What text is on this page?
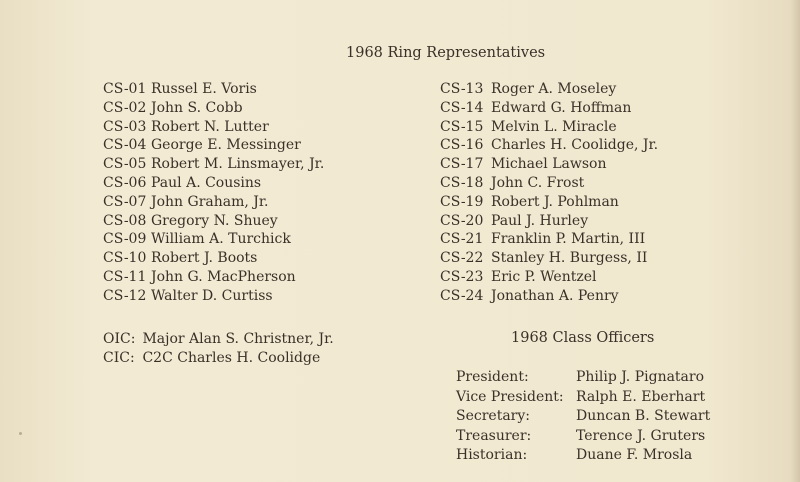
1968 Ring Representatives
CS-01 Russel E. Voris
CS-02 John S. Cobb
CS-03 Robert N. Lutter
CS-04 George E. Messinger
CS-05 Robert M. Linsmayer, Jr.
CS-06 Paul A. Cousins
CS-07 John Graham, Jr.
CS-08 Gregory N. Shuey
CS-09 William A. Turchick
CS-10 Robert J. Boots
CS-11 John G. MacPherson
CS-12 Walter D. Curtiss
CS-13 Roger A. Moseley
CS-14 Edward G. Hoffman
CS-15 Melvin L. Miracle
CS-16 Charles H. Coolidge, Jr.
CS-17 Michael Lawson
CS-18 John C. Frost
CS-19 Robert J. Pohlman
CS-20 Paul J. Hurley
CS-21 Franklin P. Martin, III
CS-22 Stanley H. Burgess, II
CS-23 Eric P. Wentzel
CS-24 Jonathan A. Penry
OIC: Major Alan S. Christner, Jr.
CIC: C2C Charles H. Coolidge
1968 Class Officers
President:	Philip J. Pignataro
Vice President: Ralph E. Eberhart
Secretary:	Duncan B. Stewart
Treasurer:	Terence J. Gruters
Historian:	Duane F. Mrosla
